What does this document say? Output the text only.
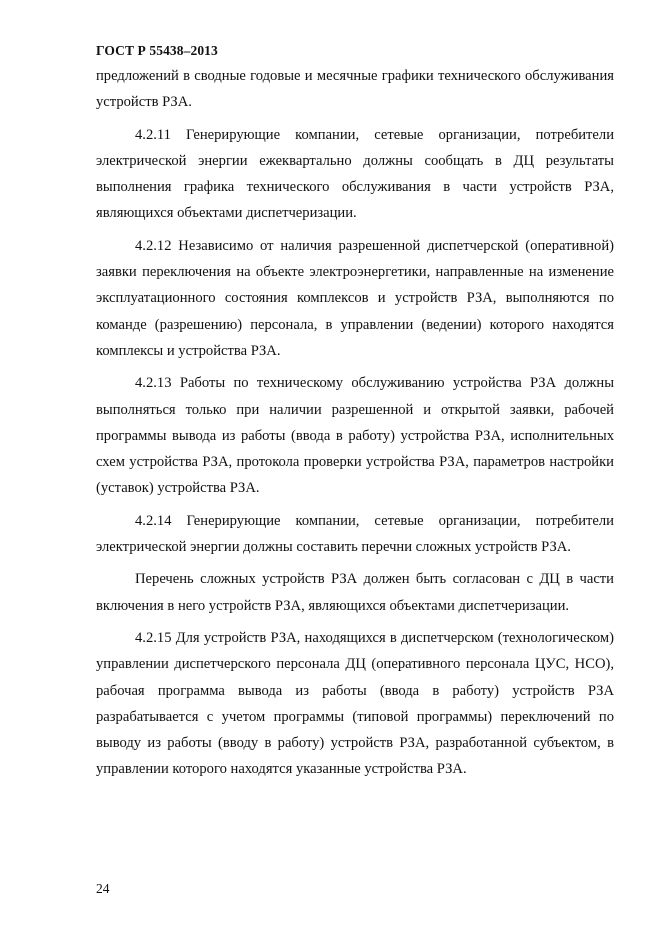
ГОСТ Р 55438–2013

предложений в сводные годовые и месячные графики технического обслуживания устройств РЗА.

4.2.11 Генерирующие компании, сетевые организации, потребители электрической энергии ежеквартально должны сообщать в ДЦ результаты выполнения графика технического обслуживания в части устройств РЗА, являющихся объектами диспетчеризации.

4.2.12 Независимо от наличия разрешенной диспетчерской (оперативной) заявки переключения на объекте электроэнергетики, направленные на изменение эксплуатационного состояния комплексов и устройств РЗА, выполняются по команде (разрешению) персонала, в управлении (ведении) которого находятся комплексы и устройства РЗА.

4.2.13 Работы по техническому обслуживанию устройства РЗА должны выполняться только при наличии разрешенной и открытой заявки, рабочей программы вывода из работы (ввода в работу) устройства РЗА, исполнительных схем устройства РЗА, протокола проверки устройства РЗА, параметров настройки (уставок) устройства РЗА.

4.2.14 Генерирующие компании, сетевые организации, потребители электрической энергии должны составить перечни сложных устройств РЗА.

Перечень сложных устройств РЗА должен быть согласован с ДЦ в части включения в него устройств РЗА, являющихся объектами диспетчеризации.

4.2.15 Для устройств РЗА, находящихся в диспетчерском (технологическом) управлении диспетчерского персонала ДЦ (оперативного персонала ЦУС, НСО), рабочая программа вывода из работы (ввода в работу) устройств РЗА разрабатывается с учетом программы (типовой программы) переключений по выводу из работы (вводу в работу) устройств РЗА, разработанной субъектом, в управлении которого находятся указанные устройства РЗА.

24
